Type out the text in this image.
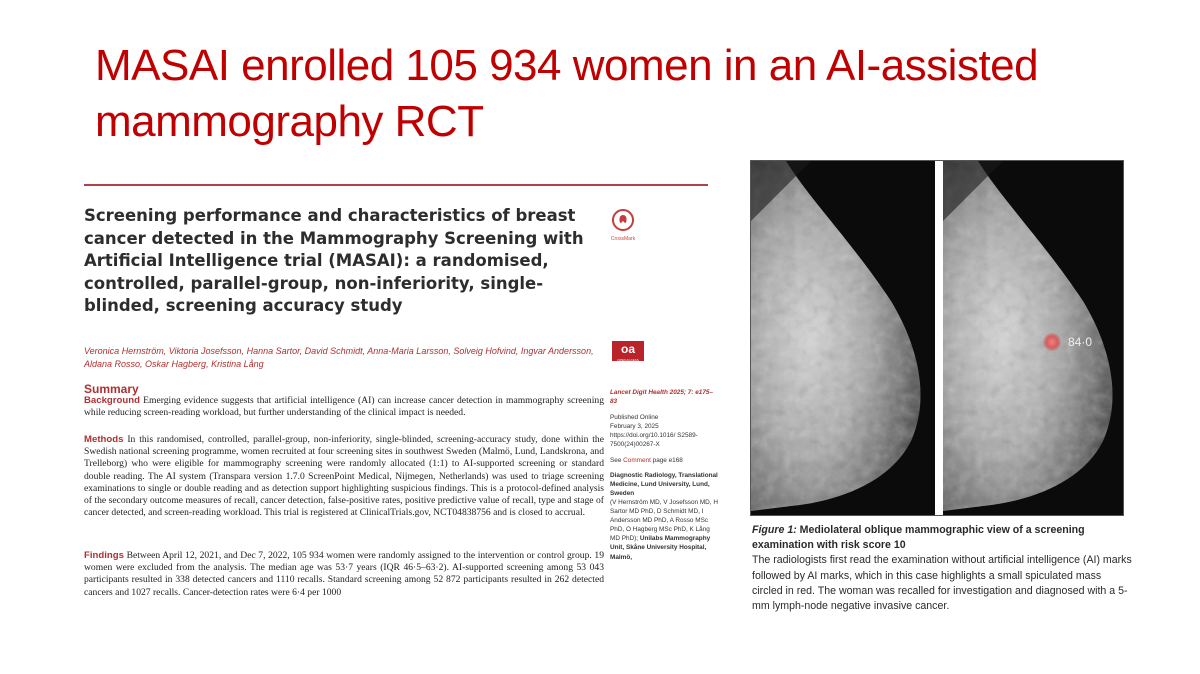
MASAI enrolled 105 934 women in an AI-assisted mammography RCT
Screening performance and characteristics of breast cancer detected in the Mammography Screening with Artificial Intelligence trial (MASAI): a randomised, controlled, parallel-group, non-inferiority, single-blinded, screening accuracy study
CrossMark
Veronica Hernström, Viktoria Josefsson, Hanna Sartor, David Schmidt, Anna-Maria Larsson, Solveig Hofvind, Ingvar Andersson, Aldana Rosso, Oskar Hagberg, Kristina Lång
oa
OPEN ACCESS
Summary

Background Emerging evidence suggests that artificial intelligence (AI) can increase cancer detection in mammography screening while reducing screen-reading workload, but further understanding of the clinical impact is needed.

Methods In this randomised, controlled, parallel-group, non-inferiority, single-blinded, screening-accuracy study, done within the Swedish national screening programme, women recruited at four screening sites in southwest Sweden (Malmö, Lund, Landskrona, and Trelleborg) who were eligible for mammography screening were randomly allocated (1:1) to AI-supported screening or standard double reading. The AI system (Transpara version 1.7.0 ScreenPoint Medical, Nijmegen, Netherlands) was used to triage screening examinations to single or double reading and as detection support highlighting suspicious findings. This is a protocol-defined analysis of the secondary outcome measures of recall, cancer detection, false-positive rates, positive predictive value of recall, type and stage of cancer detected, and screen-reading workload. This trial is registered at ClinicalTrials.gov, NCT04838756 and is closed to accrual.

Findings Between April 12, 2021, and Dec 7, 2022, 105 934 women were randomly assigned to the intervention or control group. 19 women were excluded from the analysis. The median age was 53·7 years (IQR 46·5–63·2). AI-supported screening among 53 043 participants resulted in 338 detected cancers and 1110 recalls. Standard screening among 52 872 participants resulted in 262 detected cancers and 1027 recalls. Cancer-detection rates were 6·4 per 1000

Lancet Digit Health 2025; 7: e175–83

Published Online

February 3, 2025

https://doi.org/10.1016/ S2589-7500(24)00267-X

See Comment page e168

Diagnostic Radiology, Translational Medicine, Lund University, Lund, Sweden

(V Hernström MD, V Josefsson MD, H Sartor MD PhD, D Schmidt MD, I Andersson MD PhD, A Rosso MSc PhD, O Hagberg MSc PhD, K Lång MD PhD); Unilabs Mammography Unit, Skåne University Hospital, Malmö,

84·0

Figure 1: Mediolateral oblique mammographic view of a screening examination with risk score 10

The radiologists first read the examination without artificial intelligence (AI) marks followed by AI marks, which in this case highlights a small spiculated mass circled in red. The woman was recalled for investigation and diagnosed with a 5-mm lymph-node negative invasive cancer.
